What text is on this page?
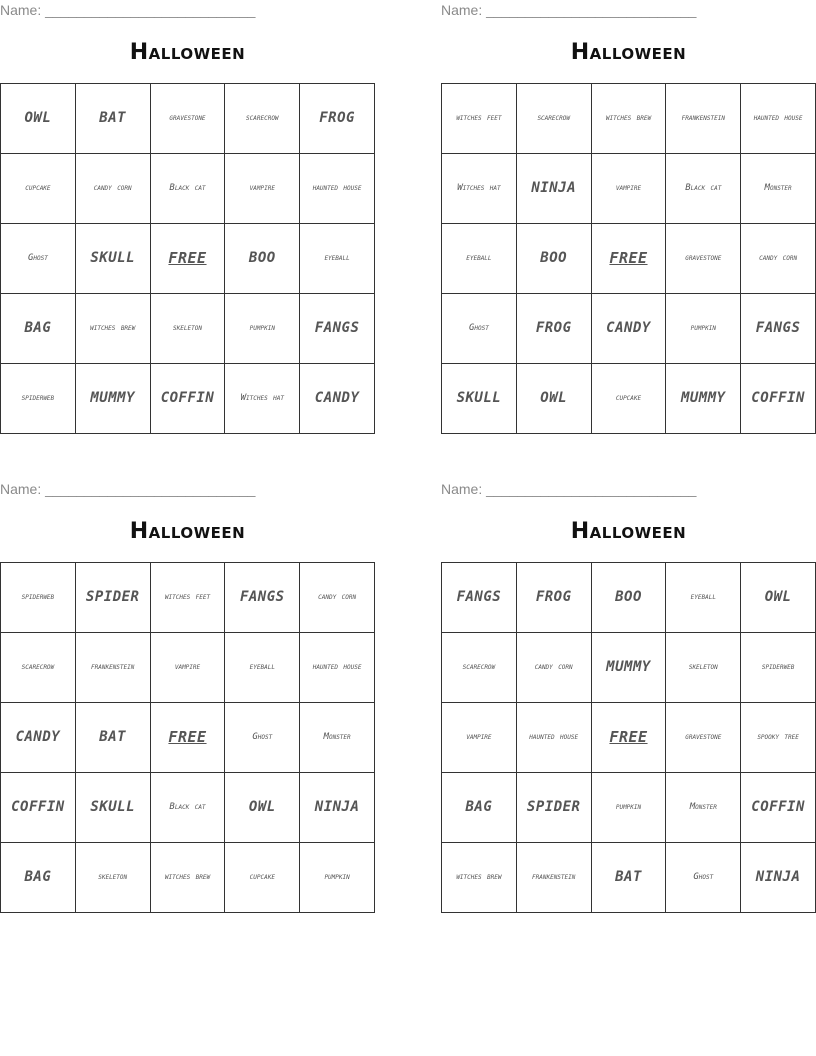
Name: ___________________________
Halloween
OWL	BAT	gravestone	scarecrow	FROG
cupcake	candy corn	Black cat	vampire	haunted house
Ghost	SKULL	FREE	BOO	eyeball
BAG	witches brew	skeleton	pumpkin	FANGS
spiderweb	MUMMY	COFFIN	Witches hat	CANDY
Name: ___________________________
Halloween
witches feet	scarecrow	witches brew	frankenstein	haunted house
Witches hat	NINJA	vampire	Black cat	Monster
eyeball	BOO	FREE	gravestone	candy corn
Ghost	FROG	CANDY	pumpkin	FANGS
SKULL	OWL	cupcake	MUMMY	COFFIN
Name: ___________________________
Halloween
spiderweb	SPIDER	witches feet	FANGS	candy corn
scarecrow	frankenstein	vampire	eyeball	haunted house
CANDY	BAT	FREE	Ghost	Monster
COFFIN	SKULL	Black cat	OWL	NINJA
BAG	skeleton	witches brew	cupcake	pumpkin
Name: ___________________________
Halloween
FANGS	FROG	BOO	eyeball	OWL
scarecrow	candy corn	MUMMY	skeleton	spiderweb
vampire	haunted house	FREE	gravestone	spooky tree
BAG	SPIDER	pumpkin	Monster	COFFIN
witches brew	frankenstein	BAT	Ghost	NINJA
